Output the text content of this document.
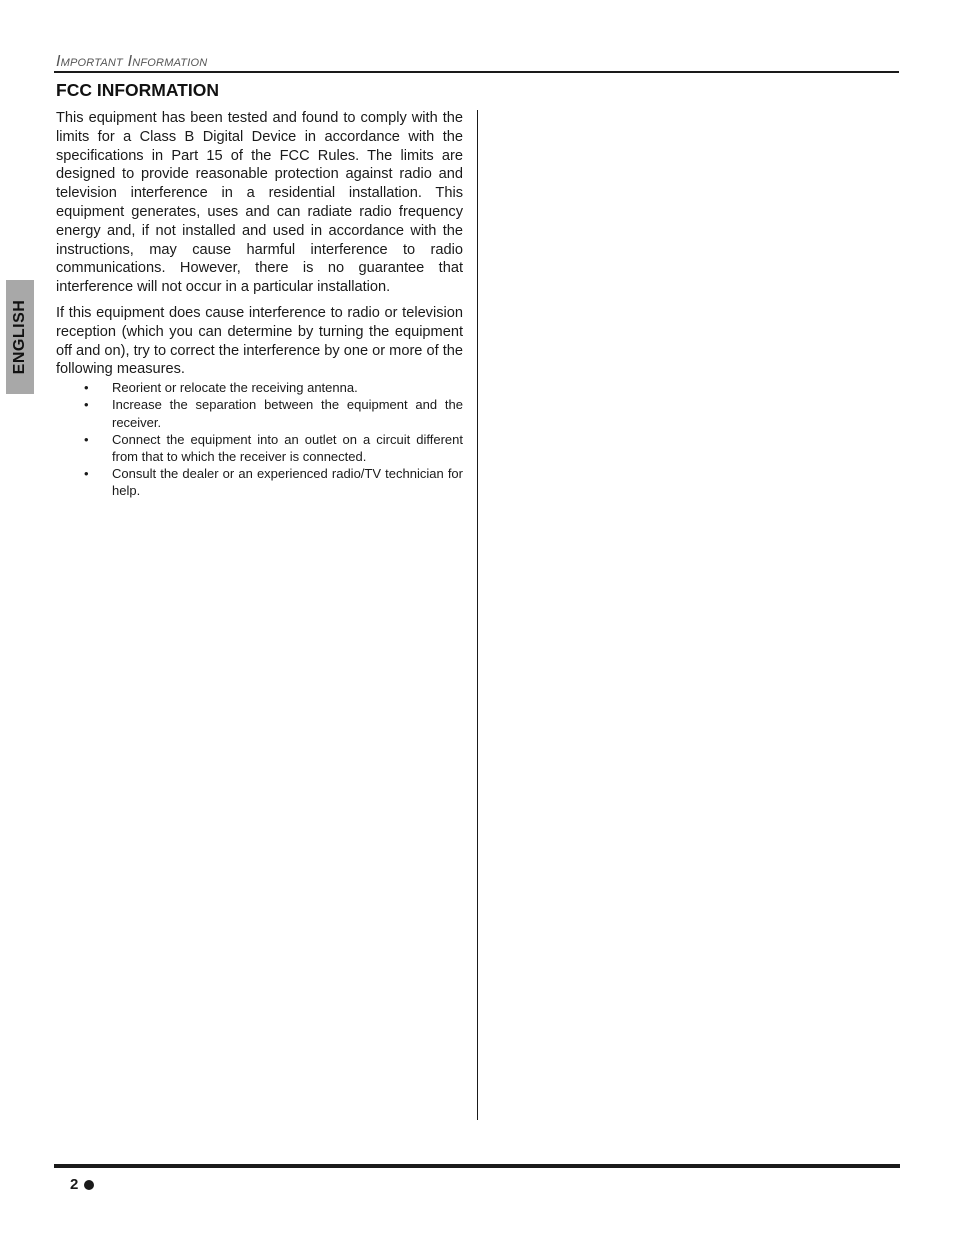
Important Information
FCC INFORMATION
ENGLISH

This equipment has been tested and found to comply with the limits for a Class B Digital Device in accordance with the specifications in Part 15 of the FCC Rules. The limits are designed to provide reasonable protection against radio and television interference in a residential installation. This equipment generates, uses and can radiate radio frequency energy and, if not installed and used in accordance with the instructions, may cause harmful interference to radio communications. However, there is no guarantee that interference will not occur in a particular installation.

If this equipment does cause interference to radio or television reception (which you can determine by turning the equipment off and on), try to correct the interference by one or more of the following measures.

• Reorient or relocate the receiving antenna.
• Increase the separation between the equipment and the receiver.
• Connect the equipment into an outlet on a circuit different from that to which the receiver is connected.
• Consult the dealer or an experienced radio/TV technician for help.
2
